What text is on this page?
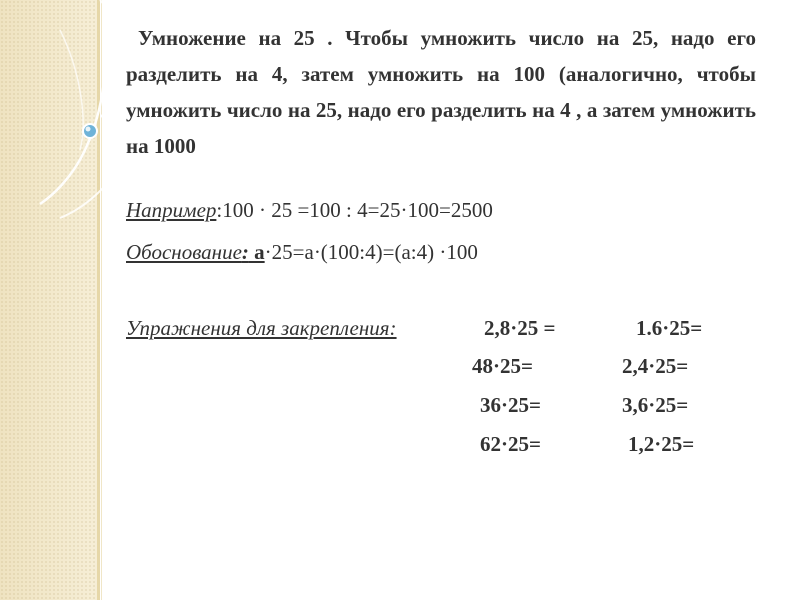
Умножение на 25 . Чтобы умножить число на 25, надо его разделить на 4, затем умножить на 100 (аналогично, чтобы умножить число на 25, надо его разделить на 4 , а затем умножить на 1000

Например:100 · 25 =100 : 4=25·100=2500
Обоснование: а·25=а·(100:4)=(а:4) ·100
Упражнения для закрепления:	2,8·25 =	1.6·25=
48·25=	2,4·25=
36·25=	3,6·25=
62·25=	1,2·25=
